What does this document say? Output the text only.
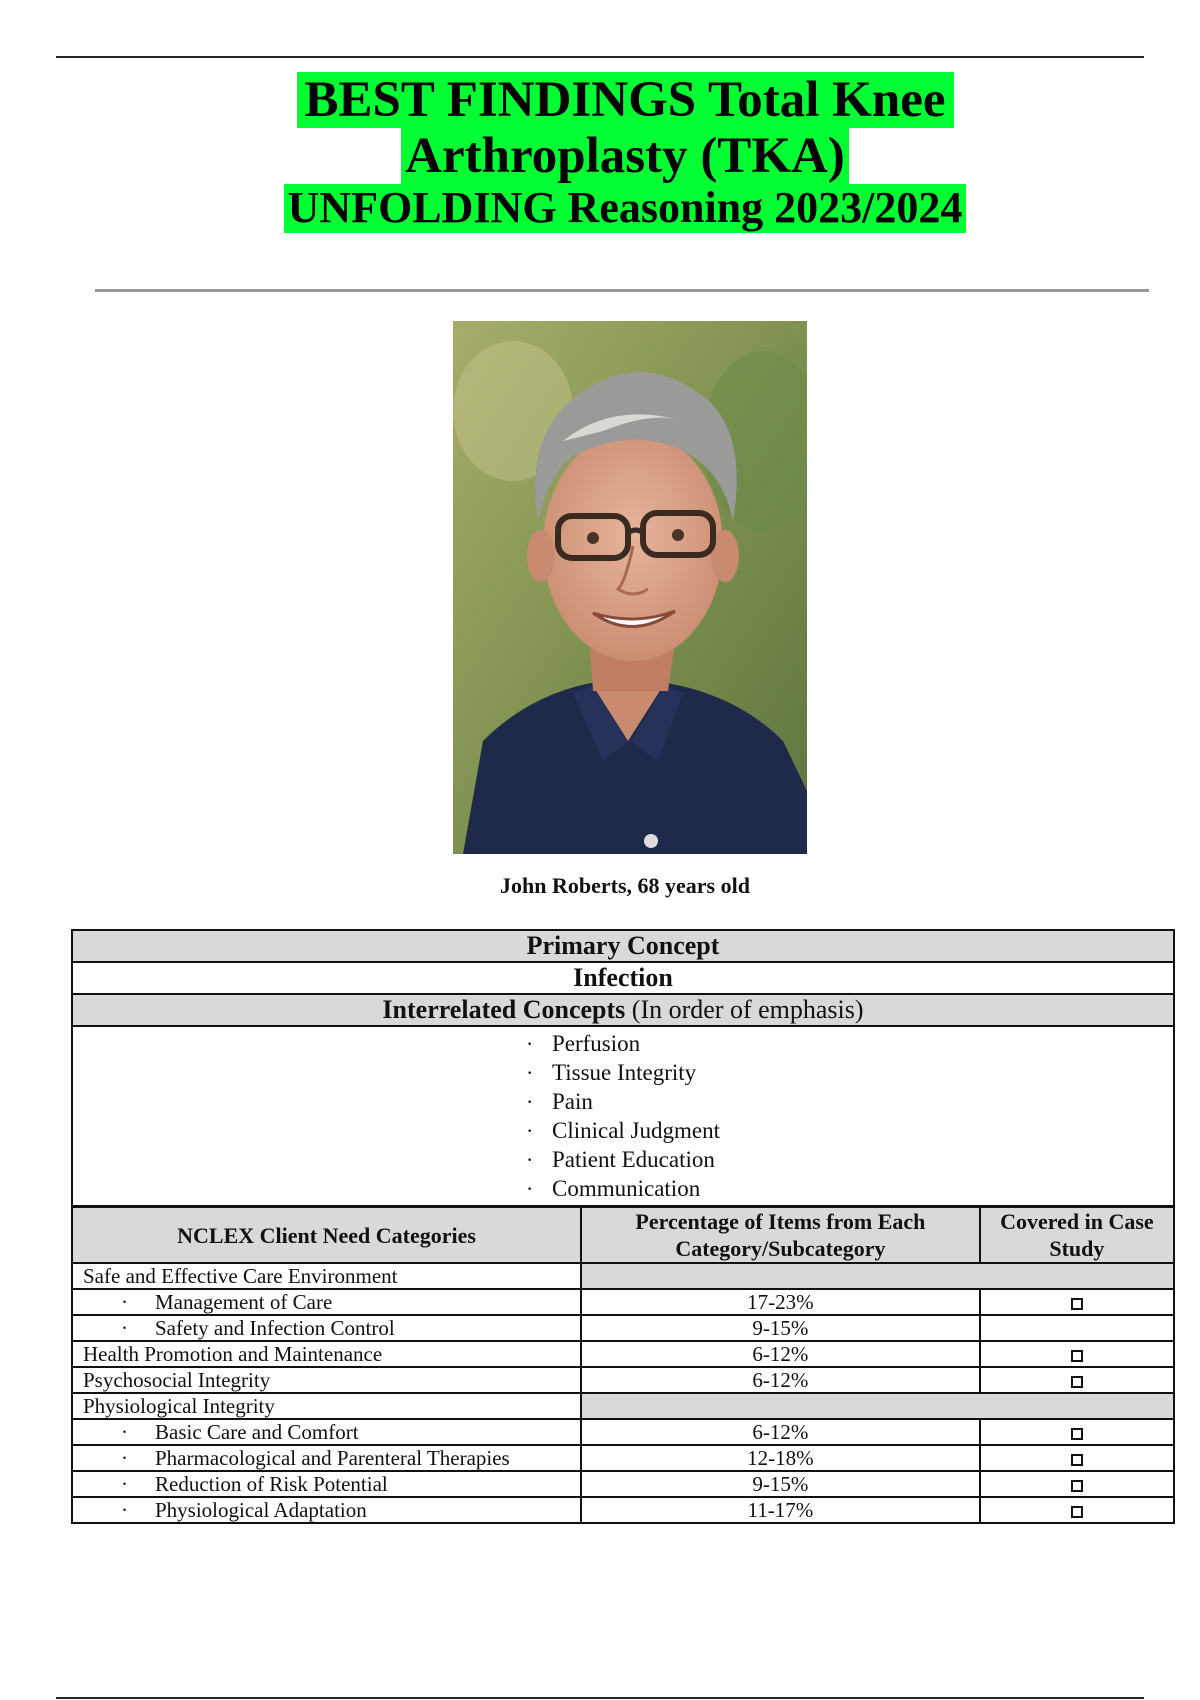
BEST FINDINGS Total Knee
Arthroplasty (TKA)
UNFOLDING Reasoning 2023/2024
John Roberts, 68 years old
Primary Concept
Infection
Interrelated Concepts (In order of emphasis)

· Perfusion
· Tissue Integrity
· Pain
· Clinical Judgment
· Patient Education
· Communication
NCLEX Client Need Categories	Percentage of Items from Each Category/Subcategory	Covered in Case Study
Safe and Effective Care Environment		

· Management of Care	17-23%	

· Safety and Infection Control	9-15%	
Health Promotion and Maintenance	6-12%	
Psychosocial Integrity	6-12%	
Physiological Integrity		

· Basic Care and Comfort	6-12%	

· Pharmacological and Parenteral Therapies	12-18%	

· Reduction of Risk Potential	9-15%	

· Physiological Adaptation	11-17%	
